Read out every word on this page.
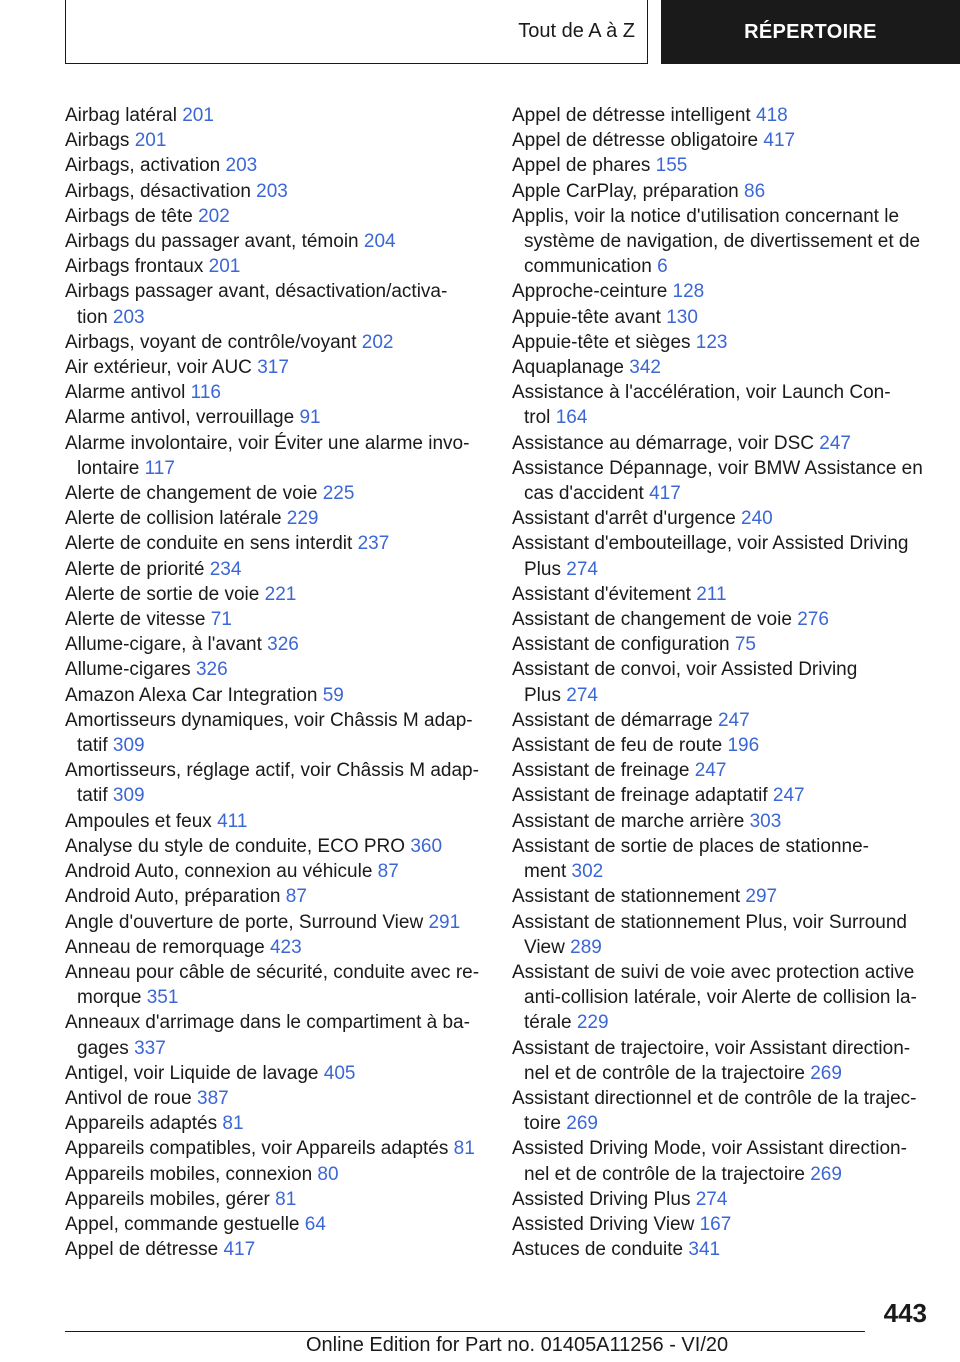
Tout de A à Z	RÉPERTOIRE
Airbag latéral 201
Airbags 201
Airbags, activation 203
Airbags, désactivation 203
Airbags de tête 202
Airbags du passager avant, témoin 204
Airbags frontaux 201
Airbags passager avant, désactivation/activa-
tion 203
Airbags, voyant de contrôle/voyant 202
Air extérieur, voir AUC 317
Alarme antivol 116
Alarme antivol, verrouillage 91
Alarme involontaire, voir Éviter une alarme invo-
lontaire 117
Alerte de changement de voie 225
Alerte de collision latérale 229
Alerte de conduite en sens interdit 237
Alerte de priorité 234
Alerte de sortie de voie 221
Alerte de vitesse 71
Allume-cigare, à l'avant 326
Allume-cigares 326
Amazon Alexa Car Integration 59
Amortisseurs dynamiques, voir Châssis M adap-
tatif 309
Amortisseurs, réglage actif, voir Châssis M adap-
tatif 309
Ampoules et feux 411
Analyse du style de conduite, ECO PRO 360
Android Auto, connexion au véhicule 87
Android Auto, préparation 87
Angle d'ouverture de porte, Surround View 291
Anneau de remorquage 423
Anneau pour câble de sécurité, conduite avec re-
morque 351
Anneaux d'arrimage dans le compartiment à ba-
gages 337
Antigel, voir Liquide de lavage 405
Antivol de roue 387
Appareils adaptés 81
Appareils compatibles, voir Appareils adaptés 81
Appareils mobiles, connexion 80
Appareils mobiles, gérer 81
Appel, commande gestuelle 64
Appel de détresse 417
Appel de détresse intelligent 418
Appel de détresse obligatoire 417
Appel de phares 155
Apple CarPlay, préparation 86
Applis, voir la notice d'utilisation concernant le
système de navigation, de divertissement et de
communication 6
Approche-ceinture 128
Appuie-tête avant 130
Appuie-tête et sièges 123
Aquaplanage 342
Assistance à l'accélération, voir Launch Con-
trol 164
Assistance au démarrage, voir DSC 247
Assistance Dépannage, voir BMW Assistance en
cas d'accident 417
Assistant d'arrêt d'urgence 240
Assistant d'embouteillage, voir Assisted Driving
Plus 274
Assistant d'évitement 211
Assistant de changement de voie 276
Assistant de configuration 75
Assistant de convoi, voir Assisted Driving
Plus 274
Assistant de démarrage 247
Assistant de feu de route 196
Assistant de freinage 247
Assistant de freinage adaptatif 247
Assistant de marche arrière 303
Assistant de sortie de places de stationne-
ment 302
Assistant de stationnement 297
Assistant de stationnement Plus, voir Surround
View 289
Assistant de suivi de voie avec protection active
anti-collision latérale, voir Alerte de collision la-
térale 229
Assistant de trajectoire, voir Assistant direction-
nel et de contrôle de la trajectoire 269
Assistant directionnel et de contrôle de la trajec-
toire 269
Assisted Driving Mode, voir Assistant direction-
nel et de contrôle de la trajectoire 269
Assisted Driving Plus 274
Assisted Driving View 167
Astuces de conduite 341
443
Online Edition for Part no. 01405A11256 - VI/20
